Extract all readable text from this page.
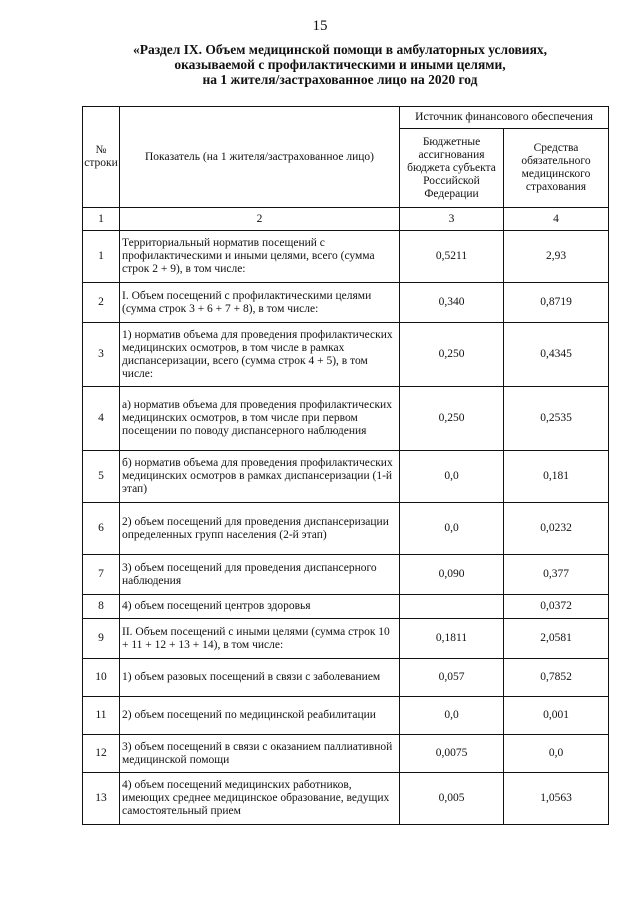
15
«Раздел IX. Объем медицинской помощи в амбулаторных условиях,
оказываемой с профилактическими и иными целями,
на 1 жителя/застрахованное лицо на 2020 год
№ строки	Показатель (на 1 жителя/застрахованное лицо)	Источник финансового обеспечения	
		Бюджетные ассигнования бюджета субъекта Российской Федерации	Средства обязательного медицинского страхования
1	2	3	4
1	Территориальный норматив посещений с профилактическими и иными целями, всего (сумма строк 2 + 9), в том числе:	0,5211	2,93
2	I. Объем посещений с профилактическими целями (сумма строк 3 + 6 + 7 + 8), в том числе:	0,340	0,8719
3	1) норматив объема для проведения профилактических медицинских осмотров, в том числе в рамках диспансеризации, всего (сумма строк 4 + 5), в том числе:	0,250	0,4345
4	а) норматив объема для проведения профилактических медицинских осмотров, в том числе при первом посещении по поводу диспансерного наблюдения	0,250	0,2535
5	б) норматив объема для проведения профилактических медицинских осмотров в рамках диспансеризации (1-й этап)	0,0	0,181
6	2) объем посещений для проведения диспансеризации определенных групп населения (2-й этап)	0,0	0,0232
7	3) объем посещений для проведения диспансерного наблюдения	0,090	0,377
8	4) объем посещений центров здоровья		0,0372
9	II. Объем посещений с иными целями (сумма строк 10 + 11 + 12 + 13 + 14), в том числе:	0,1811	2,0581
10	1) объем разовых посещений в связи с заболеванием	0,057	0,7852
11	2) объем посещений по медицинской реабилитации	0,0	0,001
12	3) объем посещений в связи с оказанием паллиативной медицинской помощи	0,0075	0,0
13	4) объем посещений медицинских работников, имеющих среднее медицинское образование, ведущих самостоятельный прием	0,005	1,0563
